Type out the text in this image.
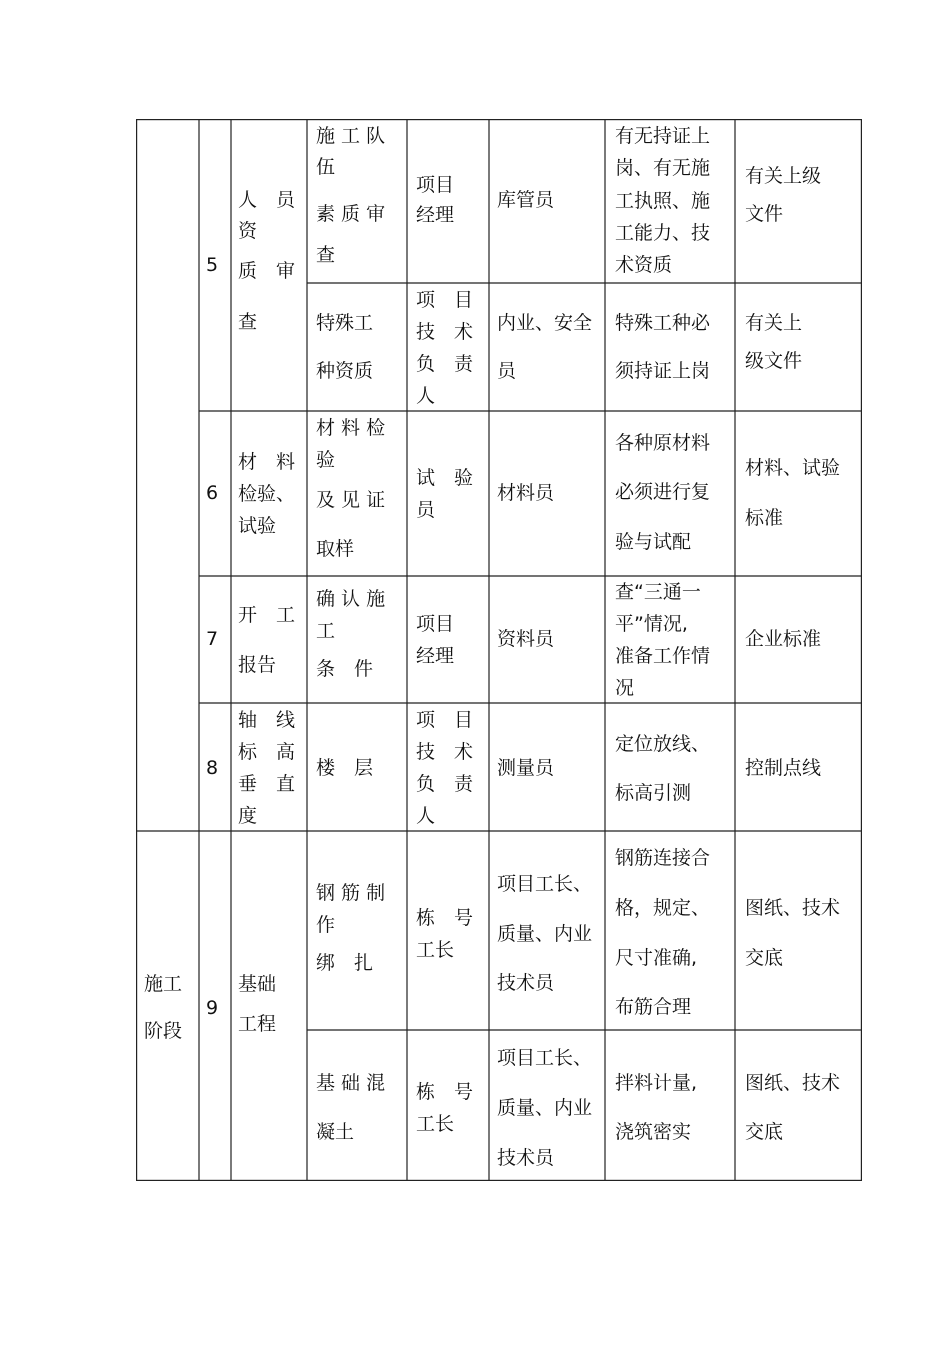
5
人　员
资
质　审
查
施 工 队
伍
素 质 审
查
项目
经理
库管员
有无持证上
岗、有无施
工执照、施
工能力、技
术资质
有关上级
文件
特殊工
种资质
项　目
技　术
负　责
人
内业、安全
员
特殊工种必
须持证上岗
有关上
级文件
6
材　料
检验、
试验
材 料 检
验
及 见 证
取样
试　验
员
材料员
各种原材料
必须进行复
验与试配
材料、试验
标准
7
开　工
报告
确 认 施
工
条　件
项目
经理
资料员
查“三通一
平”情况,
准备工作情
况
企业标准
8
轴　线
标　高
垂　直
度
楼　层
项　目
技　术
负　责
人
测量员
定位放线、
标高引测
控制点线
施工
阶段
9
基础
工程
钢 筋 制
作
绑　扎
栋　号
工长
项目工长、
质量、内业
技术员
钢筋连接合
格，规定、
尺寸准确,
布筋合理
图纸、技术
交底
基 础 混
凝土
栋　号
工长
项目工长、
质量、内业
技术员
拌料计量,
浇筑密实
图纸、技术
交底
